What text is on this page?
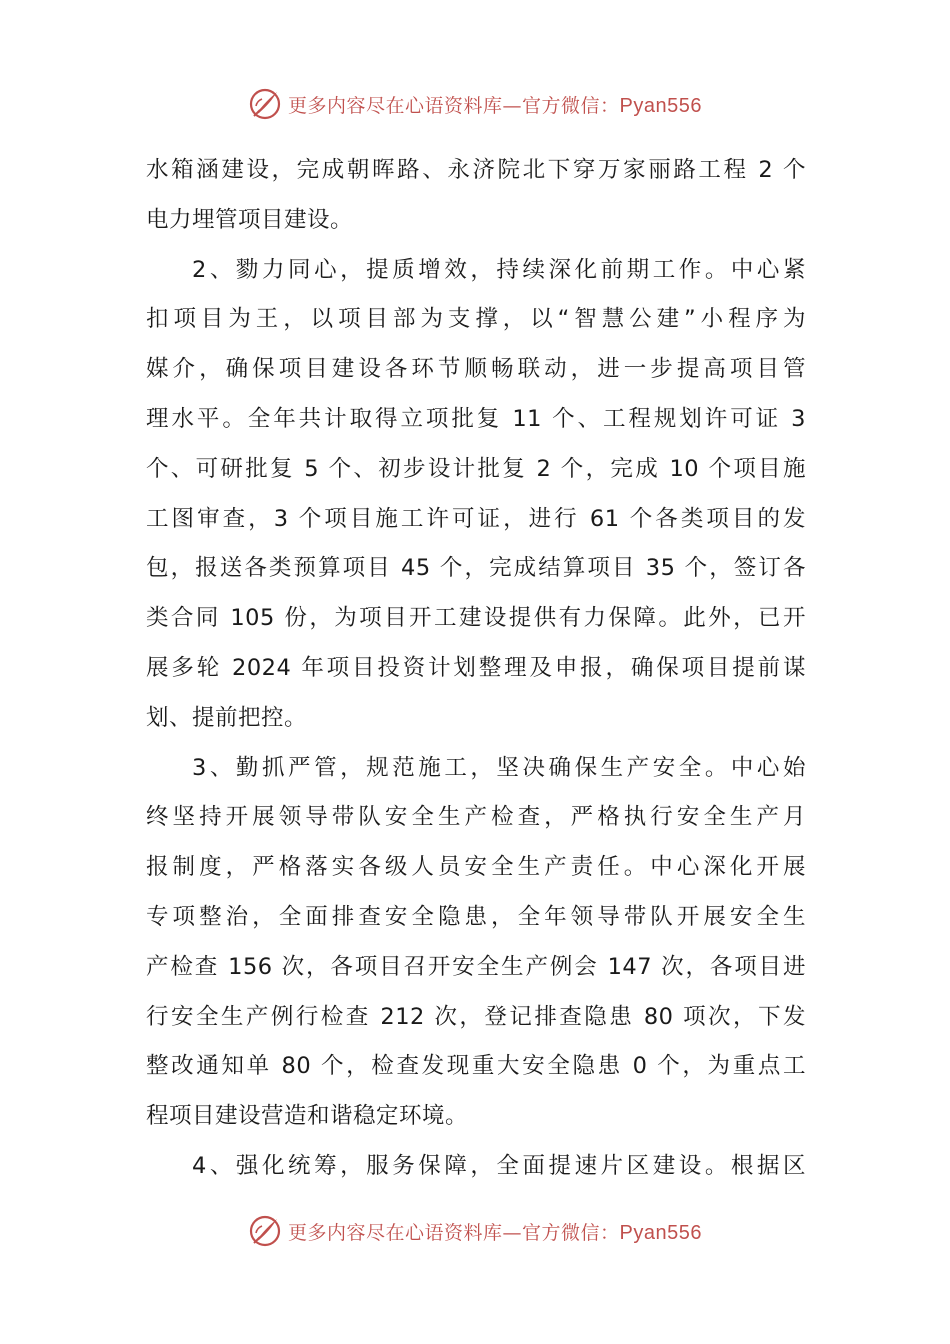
更多内容尽在心语资料库—官方微信：Pyan556
水箱涵建设，完成朝晖路、永济院北下穿万家丽路工程 2 个
电力埋管项目建设。
2、勠力同心，提质增效，持续深化前期工作。中心紧
扣项目为王，以项目部为支撑，以“智慧公建”小程序为
媒介，确保项目建设各环节顺畅联动，进一步提高项目管
理水平。全年共计取得立项批复 11 个、工程规划许可证 3
个、可研批复 5 个、初步设计批复 2 个，完成 10 个项目施
工图审查，3 个项目施工许可证，进行 61 个各类项目的发
包，报送各类预算项目 45 个，完成结算项目 35 个，签订各
类合同 105 份，为项目开工建设提供有力保障。此外，已开
展多轮 2024 年项目投资计划整理及申报，确保项目提前谋
划、提前把控。
3、勤抓严管，规范施工，坚决确保生产安全。中心始
终坚持开展领导带队安全生产检查，严格执行安全生产月
报制度，严格落实各级人员安全生产责任。中心深化开展
专项整治，全面排查安全隐患，全年领导带队开展安全生
产检查 156 次，各项目召开安全生产例会 147 次，各项目进
行安全生产例行检查 212 次，登记排查隐患 80 项次，下发
整改通知单 80 个，检查发现重大安全隐患 0 个，为重点工
程项目建设营造和谐稳定环境。
4、强化统筹，服务保障，全面提速片区建设。根据区
更多内容尽在心语资料库—官方微信：Pyan556
